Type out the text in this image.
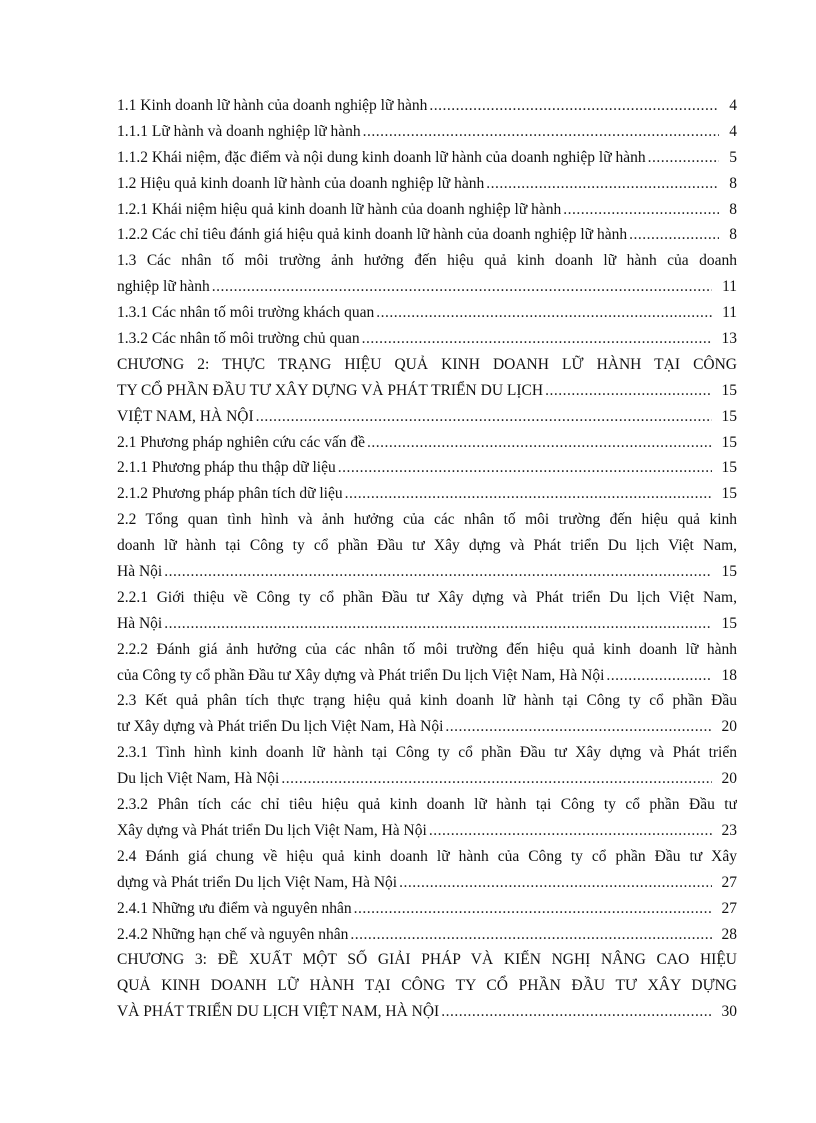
1.1 Kinh doanh lữ hành của doanh nghiệp lữ hành .....	4
1.1.1 Lữ hành và doanh nghiệp lữ hành .....	4
1.1.2 Khái niệm, đặc điểm và nội dung kinh doanh lữ hành của doanh nghiệp lữ hành .....	5
1.2 Hiệu quả kinh doanh lữ hành của doanh nghiệp lữ hành .....	8
1.2.1 Khái niệm hiệu quả kinh doanh lữ hành của doanh nghiệp lữ hành .....	8
1.2.2 Các chỉ tiêu đánh giá hiệu quả kinh doanh lữ hành của doanh nghiệp lữ hành .....	8
1.3 Các nhân tố môi trường ảnh hưởng đến hiệu quả kinh doanh lữ hành của doanh
nghiệp lữ hành .....	11
1.3.1 Các nhân tố môi trường khách quan .....	11
1.3.2 Các nhân tố môi trường chủ quan .....	13
CHƯƠNG 2: THỰC TRẠNG HIỆU QUẢ KINH DOANH LỮ HÀNH TẠI CÔNG
TY CỔ PHẦN ĐẦU TƯ XÂY DỰNG VÀ PHÁT TRIỂN DU LỊCH .....	15
VIỆT NAM, HÀ NỘI .....	15
2.1 Phương pháp nghiên cứu các vấn đề .....	15
2.1.1 Phương pháp thu thập dữ liệu .....	15
2.1.2 Phương pháp phân tích dữ liệu .....	15
2.2 Tổng quan tình hình và ảnh hưởng của các nhân tố môi trường đến hiệu quả kinh
doanh lữ hành tại Công ty cổ phần Đầu tư Xây dựng và Phát triển Du lịch Việt Nam,
Hà Nội .....	15
2.2.1 Giới thiệu về Công ty cổ phần Đầu tư Xây dựng và Phát triển Du lịch Việt Nam,
Hà Nội .....	15
2.2.2 Đánh giá ảnh hưởng của các nhân tố môi trường đến hiệu quả kinh doanh lữ hành
của Công ty cổ phần Đầu tư Xây dựng và Phát triển Du lịch Việt Nam, Hà Nội .....	18
2.3 Kết quả phân tích thực trạng hiệu quả kinh doanh lữ hành tại Công ty cổ phần Đầu
tư Xây dựng và Phát triển Du lịch Việt Nam, Hà Nội .....	20
2.3.1 Tình hình kinh doanh lữ hành tại Công ty cổ phần Đầu tư Xây dựng và Phát triển
Du lịch Việt Nam, Hà Nội .....	20
2.3.2 Phân tích các chỉ tiêu hiệu quả kinh doanh lữ hành tại Công ty cổ phần Đầu tư
Xây dựng và Phát triển Du lịch Việt Nam, Hà Nội .....	23
2.4 Đánh giá chung về hiệu quả kinh doanh lữ hành của Công ty cổ phần Đầu tư Xây
dựng và Phát triển Du lịch Việt Nam, Hà Nội .....	27
2.4.1 Những ưu điểm và nguyên nhân .....	27
2.4.2 Những hạn chế và nguyên nhân .....	28
CHƯƠNG 3: ĐỀ XUẤT MỘT SỐ GIẢI PHÁP VÀ KIẾN NGHỊ NÂNG CAO HIỆU
QUẢ KINH DOANH LỮ HÀNH TẠI CÔNG TY CỔ PHẦN ĐẦU TƯ XÂY DỰNG
VÀ PHÁT TRIỂN DU LỊCH VIỆT NAM, HÀ NỘI .....	30
